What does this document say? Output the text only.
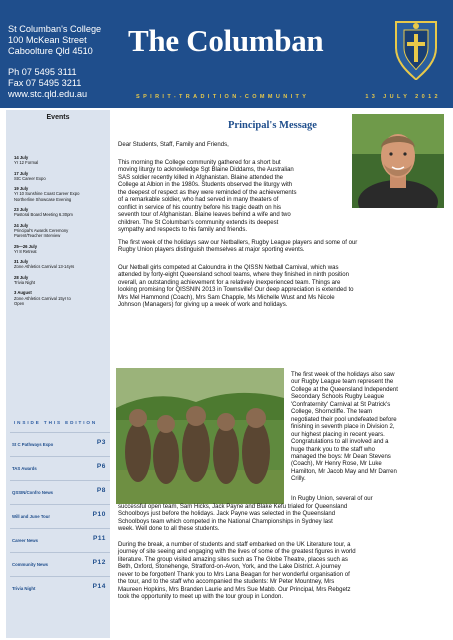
St Columban's College
100 McKean Street
Caboolture Qld 4510
Ph 07 5495 3111
Fax 07 5495 3211
www.stc.qld.edu.au
The Columban
SPIRIT-TRADITION-COMMUNITY	13 JULY 2012
Events
14 July
Yr 12 Formal
17 July
StC Career Expo
19 July
Yr 10 Sunshine Coast Career Expo
Northerline Showcase Evening
23 July
Pastoral Board Meeting 6.30pm
24 July
Principal's Awards Ceremony
Parent/Teacher Interview
25—26 July
Yr 8 Retreat
31 July
Zone Athletics Carnival 13-14yrs
28 July
Trivia Night
3 August
Zone Athletics Carnival 15yr to
Open
INSIDE THIS EDITION
St C Pathways Expo	P3
TAS Awards	P6
QSSIN/Confro News	P8
Will and June Tour	P10
Career News	P11
Community News	P12
Trivia Night	P14
Principal's Message
Dear Students, Staff, Family and Friends,
This morning the College community gathered for a short but
moving liturgy to acknowledge Sgt Blaine Diddams, the Australian
SAS soldier recently killed in Afghanistan. Blaine attended the
College at Albion in the 1980s. Students observed the liturgy with
the deepest of respect as they were reminded of the achievements
of a remarkable soldier, who had served in many theaters of
conflict in service of his country before his tragic death on his
seventh tour of Afghanistan. Blaine leaves behind a wife and two
children. The St Columban's community extends its deepest
sympathy and respects to his family and friends.
The first week of the holidays saw our Netballers, Rugby League players and some of our
Rugby Union players distinguish themselves at major sporting events.
Our Netball girls competed at Caloundra in the QISSN Netball Carnival, which was
attended by forty-eight Queensland school teams, where they finished in ninth position
overall, an outstanding achievement for a relatively inexperienced team. Things are
looking promising for QISSNIN 2013 in Townsville! Our deep appreciation is extended to
Mrs Mel Hammond (Coach), Mrs Sam Chapple, Ms Michelle Wust and Ms Nicole
Johnson (Managers) for giving up a week of work and holidays.
The first week of the holidays also saw
our Rugby League team represent the
College at the Queensland Independent
Secondary Schools Rugby League
'Confraternity' Carnival at St Patrick's
College, Shorncliffe. The team
negotiated their pool undefeated before
finishing in seventh place in Division 2,
our highest placing in recent years.
Congratulations to all involved and a
huge thank you to the staff who
managed the boys: Mr Dean Stevens
(Coach), Mr Henry Rose, Mr Luke
Hamilton, Mr Jacob May and Mr Darren
Crilly.
In Rugby Union, several of our
successful open team, Sam Hicks, Jack Payne and Blake Kefu trialed for Queensland
Schoolboys just before the holidays. Jack Payne was selected in the Queensland
Schoolboys team which competed in the National Championships in Sydney last
week. Well done to all these students.
During the break, a number of students and staff embarked on the UK Literature tour, a
journey of site seeing and engaging with the lives of some of the greatest figures in world
literature. The group visited amazing sites such as The Globe Theatre, places such as
Beth, Oxford, Stonehenge, Stratford-on-Avon, York, and the Lake District. A journey
never to be forgotten! Thank you to Mrs Lana Beagan for her wonderful organisation of
the tour, and to the staff who accompanied the students: Mr Peter Mountney, Mrs
Maureen Hopkins, Mrs Branden Laurie and Mrs Sue Mabb. Our Principal, Mrs Rebgetz
took the opportunity to meet up with the tour group in London.
